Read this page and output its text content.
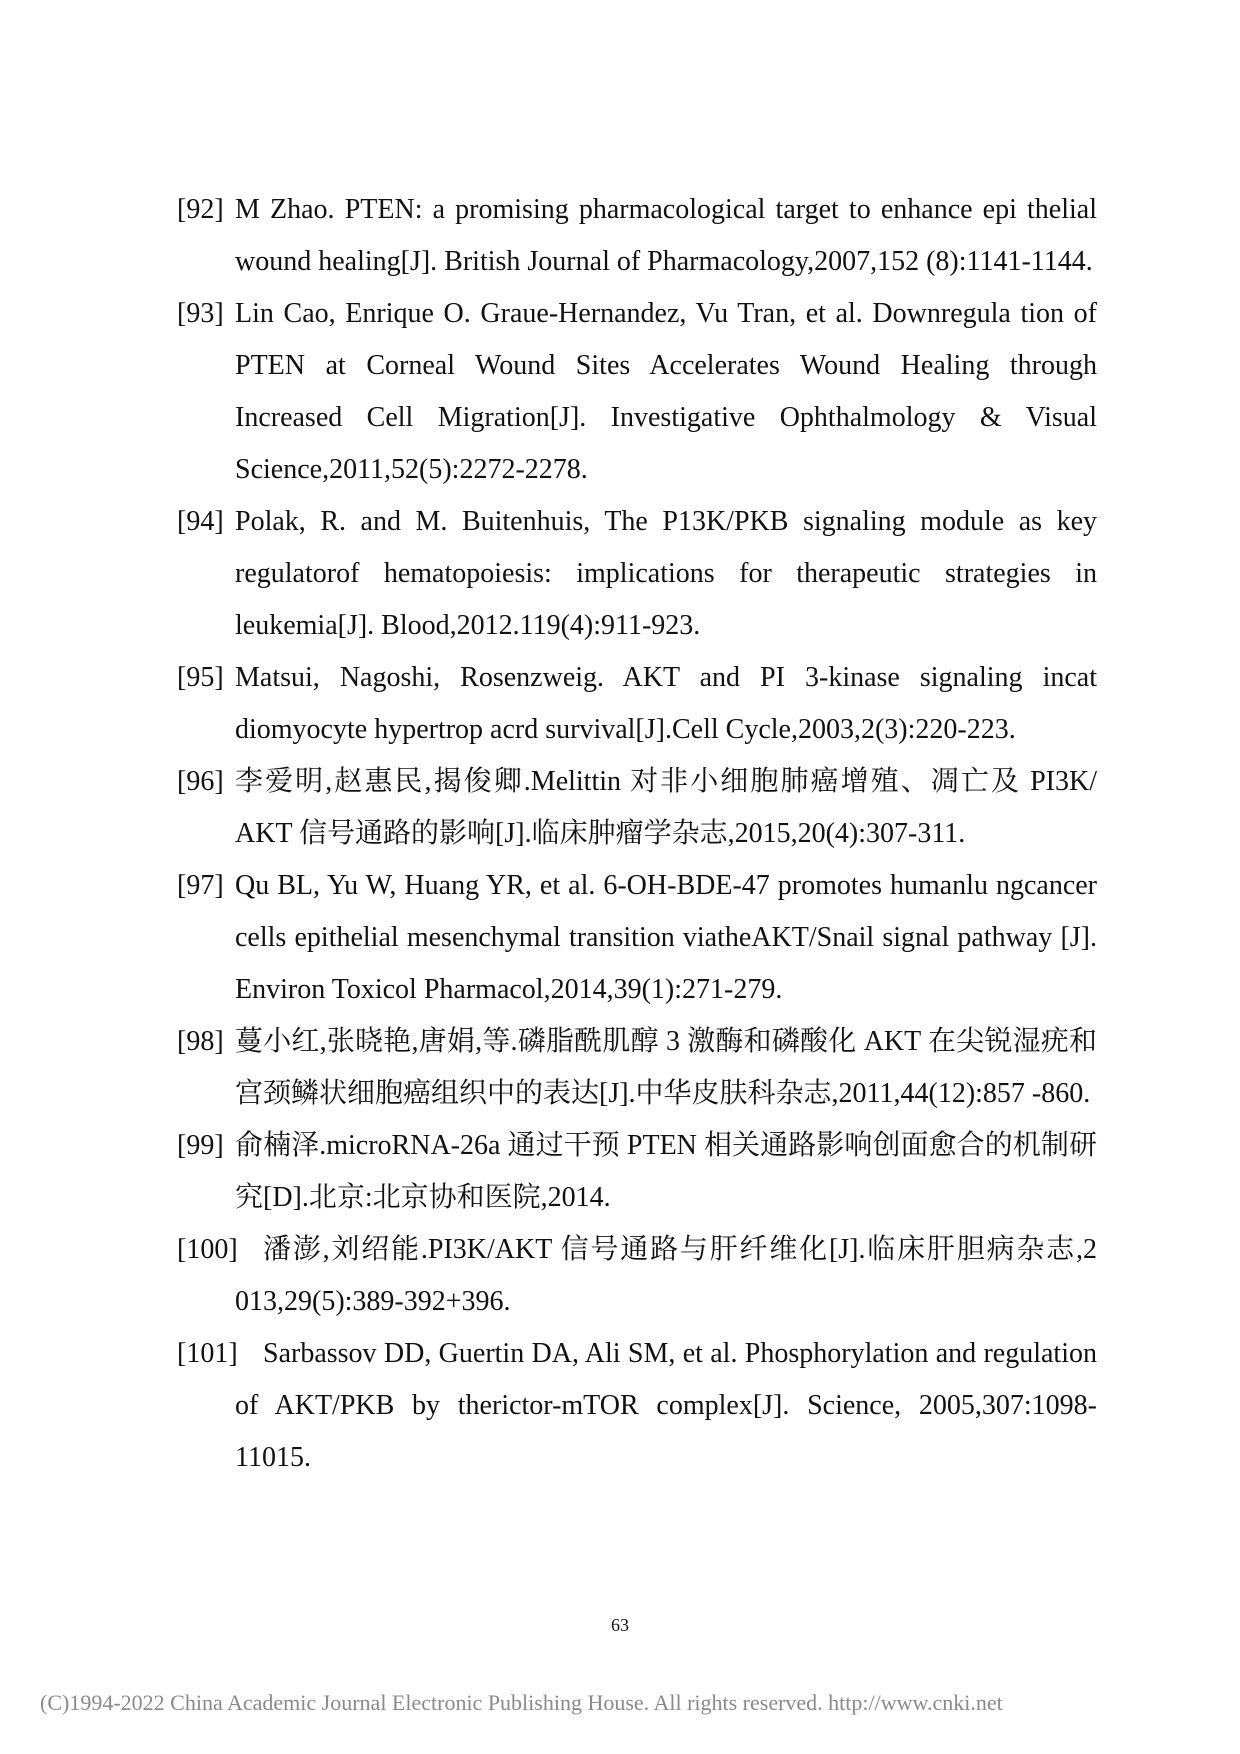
[92] M Zhao. PTEN: a promising pharmacological target to enhance epi thelial wound healing[J]. British Journal of Pharmacology,2007,152 (8):1141-1144.
[93] Lin Cao, Enrique O. Graue-Hernandez, Vu Tran, et al. Downregula tion of PTEN at Corneal Wound Sites Accelerates Wound Healing through Increased Cell Migration[J]. Investigative Ophthalmology & Visual Science,2011,52(5):2272-2278.
[94] Polak, R. and M. Buitenhuis, The P13K/PKB signaling module as key regulatorof hematopoiesis: implications for therapeutic strategies in leukemia[J]. Blood,2012.119(4):911-923.
[95] Matsui, Nagoshi, Rosenzweig. AKT and PI 3-kinase signaling incat diomyocyte hypertrop acrd survival[J].Cell Cycle,2003,2(3):220-223.
[96] 李爱明,赵惠民,揭俊卿.Melittin 对非小细胞肺癌增殖、凋亡及 PI3K/ AKT 信号通路的影响[J].临床肿瘤学杂志,2015,20(4):307-311.
[97] Qu BL, Yu W, Huang YR, et al. 6-OH-BDE-47 promotes humanlu ngcancer cells epithelial mesenchymal transition viatheAKT/Snail signal pathway [J]. Environ Toxicol Pharmacol,2014,39(1):271-279.
[98] 蔓小红,张晓艳,唐娟,等.磷脂酰肌醇 3 激酶和磷酸化 AKT 在尖锐湿疣和宫颈鳞状细胞癌组织中的表达[J].中华皮肤科杂志,2011,44(12):857 -860.
[99] 俞楠泽.microRNA-26a 通过干预 PTEN 相关通路影响创面愈合的机制研究[D].北京:北京协和医院,2014.
[100] 潘澎,刘绍能.PI3K/AKT 信号通路与肝纤维化[J].临床肝胆病杂志,2 013,29(5):389-392+396.
[101] Sarbassov DD, Guertin DA, Ali SM, et al. Phosphorylation and regulation of AKT/PKB by therictor-mTOR complex[J]. Science, 2005,307:1098-11015.
63
(C)1994-2022 China Academic Journal Electronic Publishing House. All rights reserved. http://www.cnki.net
